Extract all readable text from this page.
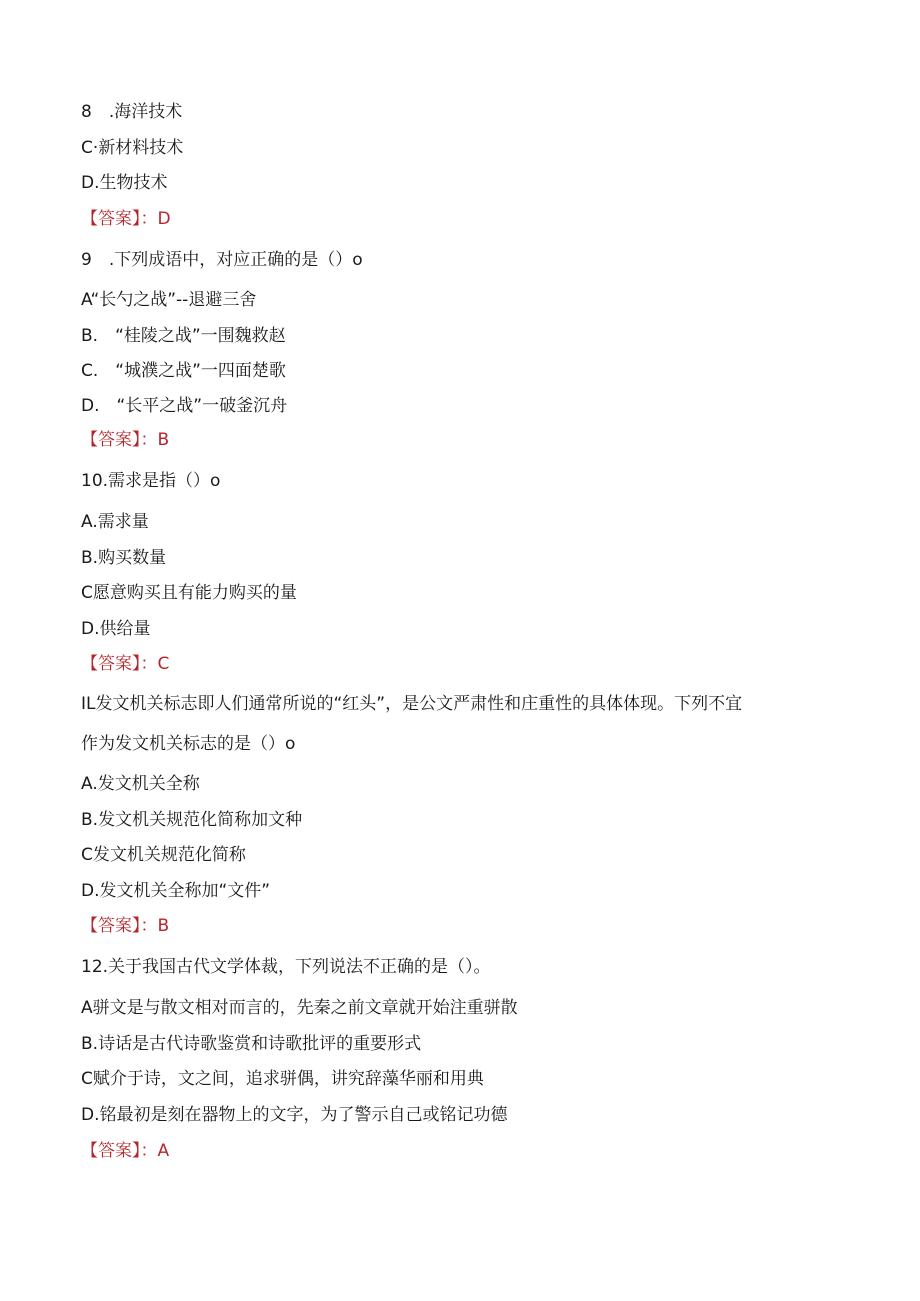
8　.海洋技术
C·新材料技术
D.生物技术
【答案】：D
9　.下列成语中，对应正确的是（）o
A“长勺之战”--退避三舍
B.　“桂陵之战”一围魏救赵
C.　“城濮之战”一四面楚歌
D.　“长平之战”一破釜沉舟
【答案】：B
10.需求是指（）o
A.需求量
B.购买数量
C愿意购买且有能力购买的量
D.供给量
【答案】：C
IL发文机关标志即人们通常所说的“红头”，是公文严肃性和庄重性的具体体现。下列不宜
作为发文机关标志的是（）o
A.发文机关全称
B.发文机关规范化简称加文种
C发文机关规范化简称
D.发文机关全称加“文件”
【答案】：B
12.关于我国古代文学体裁，下列说法不正确的是（）。
A骈文是与散文相对而言的，先秦之前文章就开始注重骈散
B.诗话是古代诗歌鉴赏和诗歌批评的重要形式
C赋介于诗，文之间，追求骈偶，讲究辞藻华丽和用典
D.铭最初是刻在器物上的文字，为了警示自己或铭记功德
【答案】：A
